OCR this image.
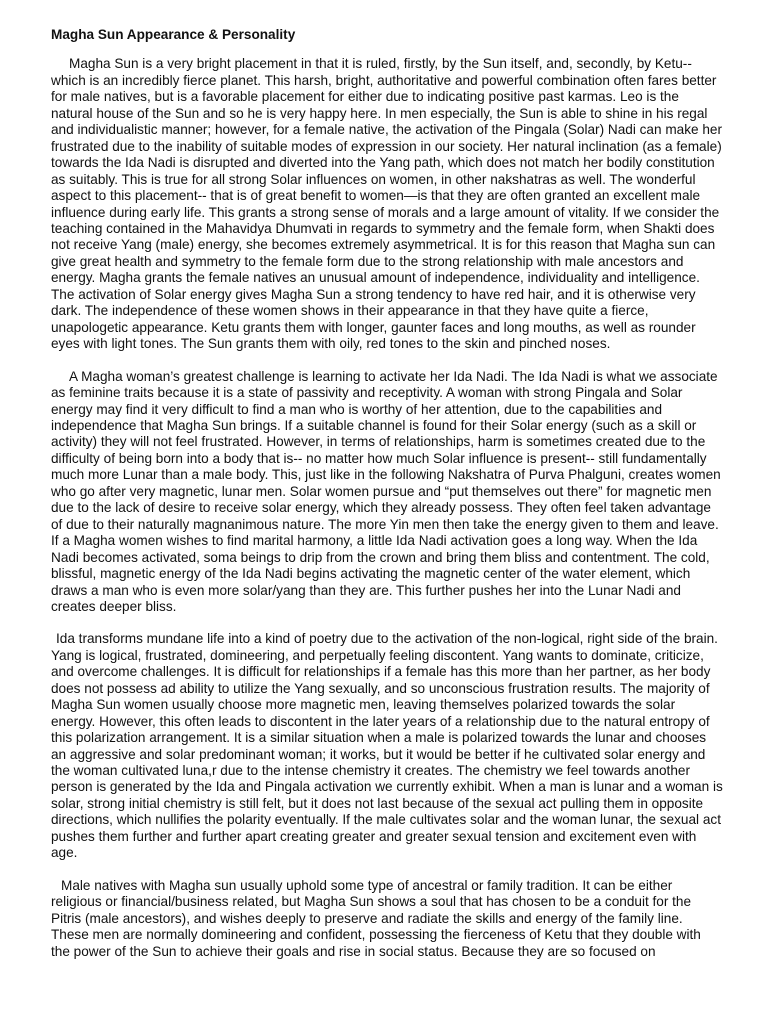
Magha Sun Appearance & Personality

Magha Sun is a very bright placement in that it is ruled, firstly, by the Sun itself, and, secondly, by Ketu-- which is an incredibly fierce planet. This harsh, bright, authoritative and powerful combination often fares better for male natives, but is a favorable placement for either due to indicating positive past karmas. Leo is the natural house of the Sun and so he is very happy here. In men especially, the Sun is able to shine in his regal and individualistic manner; however, for a female native, the activation of the Pingala (Solar) Nadi can make her frustrated due to the inability of suitable modes of expression in our society. Her natural inclination (as a female) towards the Ida Nadi is disrupted and diverted into the Yang path, which does not match her bodily constitution as suitably. This is true for all strong Solar influences on women, in other nakshatras as well. The wonderful aspect to this placement-- that is of great benefit to women—is that they are often granted an excellent male influence during early life. This grants a strong sense of morals and a large amount of vitality. If we consider the teaching contained in the Mahavidya Dhumvati in regards to symmetry and the female form, when Shakti does not receive Yang (male) energy, she becomes extremely asymmetrical. It is for this reason that Magha sun can give great health and symmetry to the female form due to the strong relationship with male ancestors and energy. Magha grants the female natives an unusual amount of independence, individuality and intelligence. The activation of Solar energy gives Magha Sun a strong tendency to have red hair, and it is otherwise very dark. The independence of these women shows in their appearance in that they have quite a fierce, unapologetic appearance. Ketu grants them with longer, gaunter faces and long mouths, as well as rounder eyes with light tones. The Sun grants them with oily, red tones to the skin and pinched noses.

A Magha woman’s greatest challenge is learning to activate her Ida Nadi. The Ida Nadi is what we associate as feminine traits because it is a state of passivity and receptivity. A woman with strong Pingala and Solar energy may find it very difficult to find a man who is worthy of her attention, due to the capabilities and independence that Magha Sun brings. If a suitable channel is found for their Solar energy (such as a skill or activity) they will not feel frustrated. However, in terms of relationships, harm is sometimes created due to the difficulty of being born into a body that is-- no matter how much Solar influence is present-- still fundamentally much more Lunar than a male body. This, just like in the following Nakshatra of Purva Phalguni, creates women who go after very magnetic, lunar men. Solar women pursue and “put themselves out there” for magnetic men due to the lack of desire to receive solar energy, which they already possess. They often feel taken advantage of due to their naturally magnanimous nature. The more Yin men then take the energy given to them and leave. If a Magha women wishes to find marital harmony, a little Ida Nadi activation goes a long way. When the Ida Nadi becomes activated, soma beings to drip from the crown and bring them bliss and contentment. The cold, blissful, magnetic energy of the Ida Nadi begins activating the magnetic center of the water element, which draws a man who is even more solar/yang than they are. This further pushes her into the Lunar Nadi and creates deeper bliss.

Ida transforms mundane life into a kind of poetry due to the activation of the non-logical, right side of the brain. Yang is logical, frustrated, domineering, and perpetually feeling discontent. Yang wants to dominate, criticize, and overcome challenges. It is difficult for relationships if a female has this more than her partner, as her body does not possess ad ability to utilize the Yang sexually, and so unconscious frustration results. The majority of Magha Sun women usually choose more magnetic men, leaving themselves polarized towards the solar energy. However, this often leads to discontent in the later years of a relationship due to the natural entropy of this polarization arrangement. It is a similar situation when a male is polarized towards the lunar and chooses an aggressive and solar predominant woman; it works, but it would be better if he cultivated solar energy and the woman cultivated luna,r due to the intense chemistry it creates. The chemistry we feel towards another person is generated by the Ida and Pingala activation we currently exhibit. When a man is lunar and a woman is solar, strong initial chemistry is still felt, but it does not last because of the sexual act pulling them in opposite directions, which nullifies the polarity eventually. If the male cultivates solar and the woman lunar, the sexual act pushes them further and further apart creating greater and greater sexual tension and excitement even with age.

Male natives with Magha sun usually uphold some type of ancestral or family tradition. It can be either religious or financial/business related, but Magha Sun shows a soul that has chosen to be a conduit for the Pitris (male ancestors), and wishes deeply to preserve and radiate the skills and energy of the family line. These men are normally domineering and confident, possessing the fierceness of Ketu that they double with the power of the Sun to achieve their goals and rise in social status. Because they are so focused on
